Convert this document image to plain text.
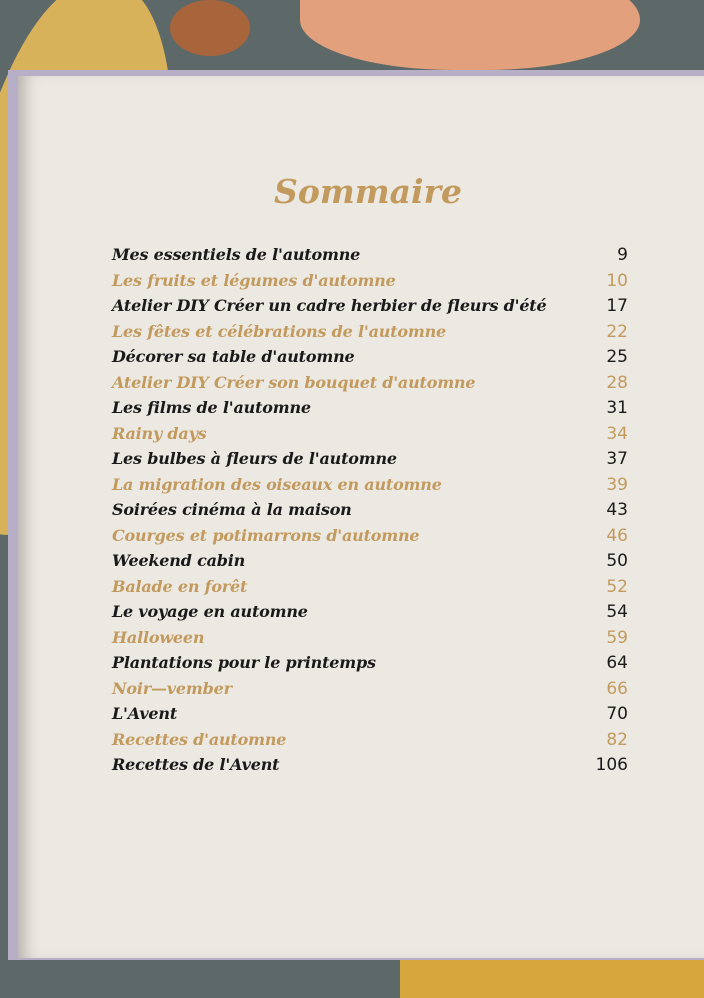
Sommaire
Mes essentiels de l'automne	9
Les fruits et légumes d'automne	10
Atelier DIY Créer un cadre herbier de fleurs d'été	17
Les fêtes et célébrations de l'automne	22
Décorer sa table d'automne	25
Atelier DIY Créer son bouquet d'automne	28
Les films de l'automne	31
Rainy days	34
Les bulbes à fleurs de l'automne	37
La migration des oiseaux en automne	39
Soirées cinéma à la maison	43
Courges et potimarrons d'automne	46
Weekend cabin	50
Balade en forêt	52
Le voyage en automne	54
Halloween	59
Plantations pour le printemps	64
Noir—vember	66
L'Avent	70
Recettes d'automne	82
Recettes de l'Avent	106
